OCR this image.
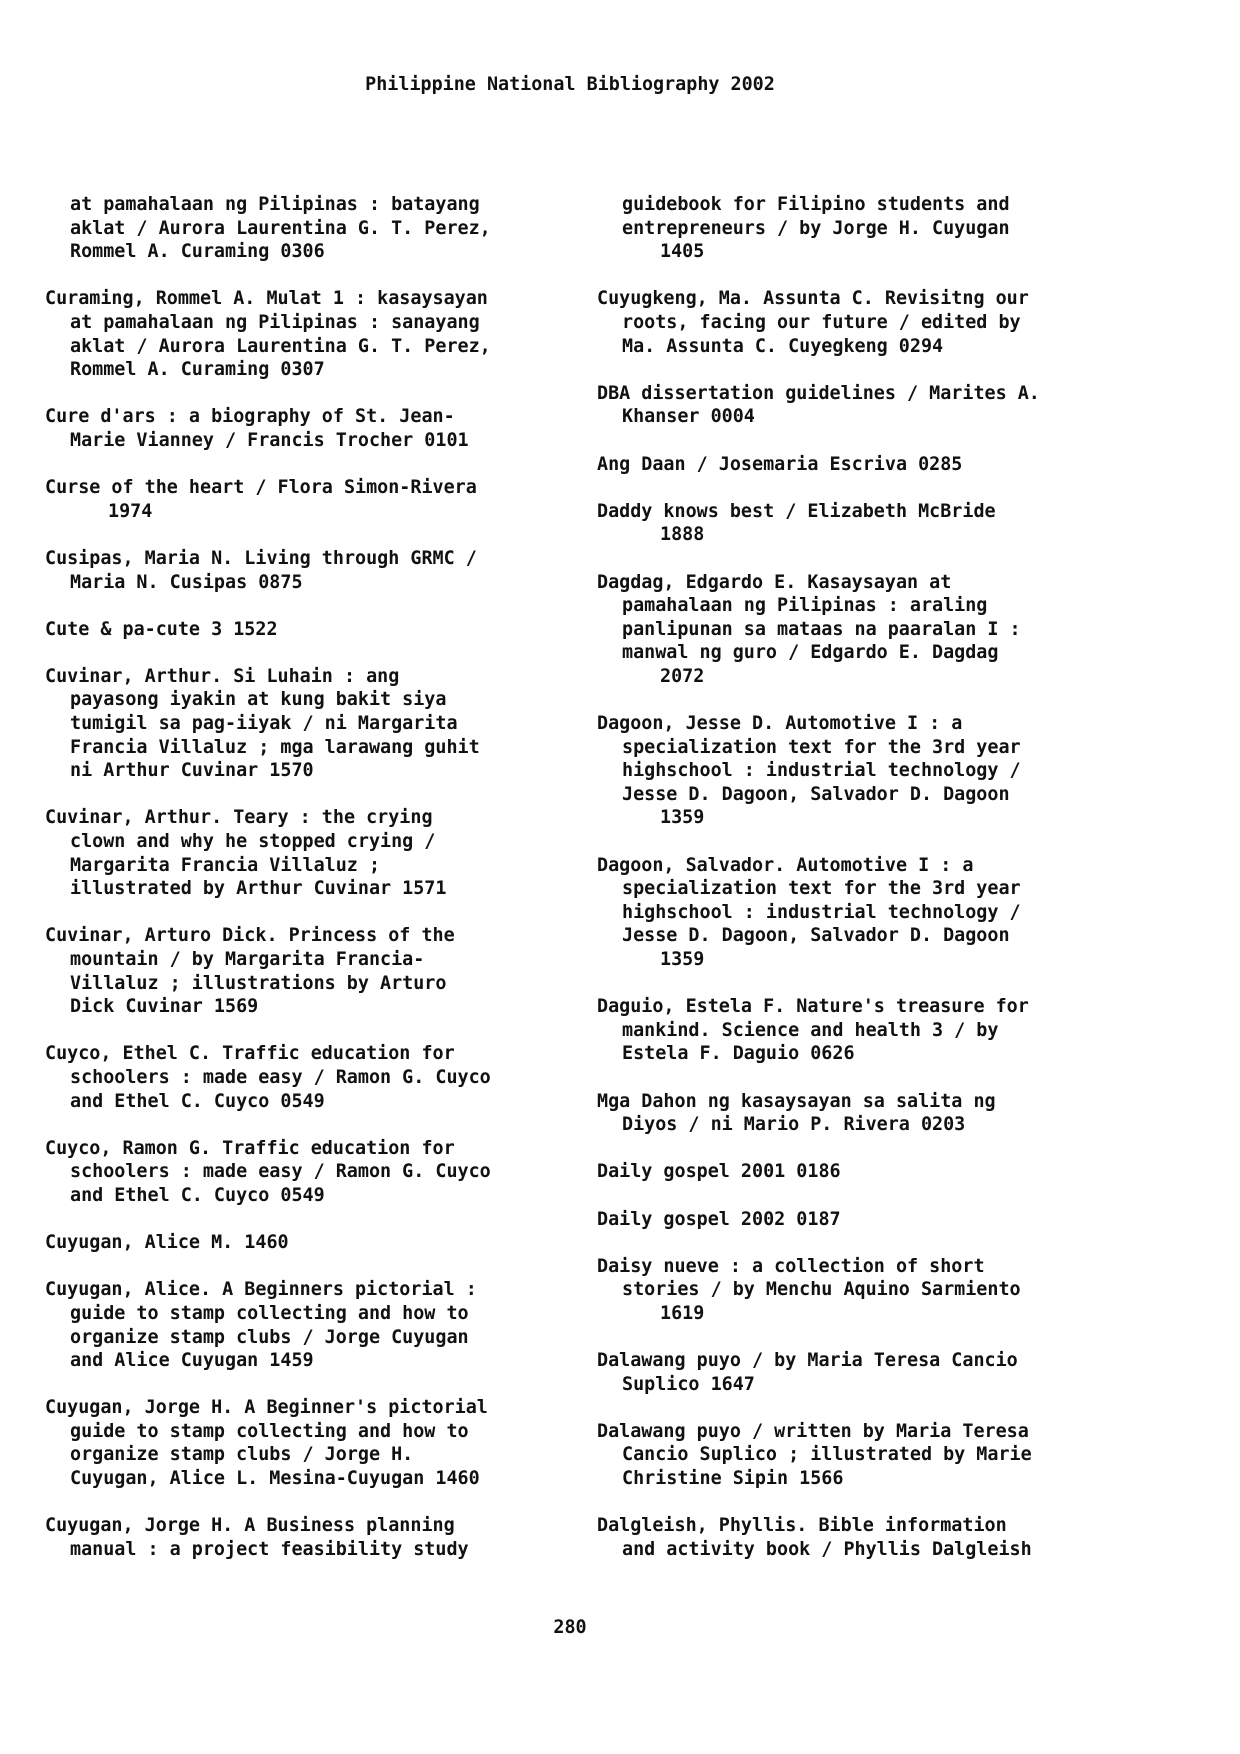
Philippine National Bibliography 2002
at pamahalaan ng Pilipinas : batayang
aklat / Aurora Laurentina G. T. Perez,
Rommel A. Curaming 0306
Curaming, Rommel A. Mulat 1 : kasaysayan
at pamahalaan ng Pilipinas : sanayang
aklat / Aurora Laurentina G. T. Perez,
Rommel A. Curaming 0307
Cure d'ars : a biography of St. Jean-
Marie Vianney / Francis Trocher 0101
Curse of the heart / Flora Simon-Rivera
1974
Cusipas, Maria N. Living through GRMC /
Maria N. Cusipas 0875
Cute & pa-cute 3 1522
Cuvinar, Arthur. Si Luhain : ang
payasong iyakin at kung bakit siya
tumigil sa pag-iiyak / ni Margarita
Francia Villaluz ; mga larawang guhit
ni Arthur Cuvinar 1570
Cuvinar, Arthur. Teary : the crying
clown and why he stopped crying /
Margarita Francia Villaluz ;
illustrated by Arthur Cuvinar 1571
Cuvinar, Arturo Dick. Princess of the
mountain / by Margarita Francia-
Villaluz ; illustrations by Arturo
Dick Cuvinar 1569
Cuyco, Ethel C. Traffic education for
schoolers : made easy / Ramon G. Cuyco
and Ethel C. Cuyco 0549
Cuyco, Ramon G. Traffic education for
schoolers : made easy / Ramon G. Cuyco
and Ethel C. Cuyco 0549
Cuyugan, Alice M. 1460
Cuyugan, Alice. A Beginners pictorial :
guide to stamp collecting and how to
organize stamp clubs / Jorge Cuyugan
and Alice Cuyugan 1459
Cuyugan, Jorge H. A Beginner's pictorial
guide to stamp collecting and how to
organize stamp clubs / Jorge H.
Cuyugan, Alice L. Mesina-Cuyugan 1460
Cuyugan, Jorge H. A Business planning
manual : a project feasibility study
guidebook for Filipino students and
entrepreneurs / by Jorge H. Cuyugan
1405
Cuyugkeng, Ma. Assunta C. Revisitng our
roots, facing our future / edited by
Ma. Assunta C. Cuyegkeng 0294
DBA dissertation guidelines / Marites A.
Khanser 0004
Ang Daan / Josemaria Escriva 0285
Daddy knows best / Elizabeth McBride
1888
Dagdag, Edgardo E. Kasaysayan at
pamahalaan ng Pilipinas : araling
panlipunan sa mataas na paaralan I :
manwal ng guro / Edgardo E. Dagdag
2072
Dagoon, Jesse D. Automotive I : a
specialization text for the 3rd year
highschool : industrial technology /
Jesse D. Dagoon, Salvador D. Dagoon
1359
Dagoon, Salvador. Automotive I : a
specialization text for the 3rd year
highschool : industrial technology /
Jesse D. Dagoon, Salvador D. Dagoon
1359
Daguio, Estela F. Nature's treasure for
mankind. Science and health 3 / by
Estela F. Daguio 0626
Mga Dahon ng kasaysayan sa salita ng
Diyos / ni Mario P. Rivera 0203
Daily gospel 2001 0186
Daily gospel 2002 0187
Daisy nueve : a collection of short
stories / by Menchu Aquino Sarmiento
1619
Dalawang puyo / by Maria Teresa Cancio
Suplico 1647
Dalawang puyo / written by Maria Teresa
Cancio Suplico ; illustrated by Marie
Christine Sipin 1566
Dalgleish, Phyllis. Bible information
and activity book / Phyllis Dalgleish
280
